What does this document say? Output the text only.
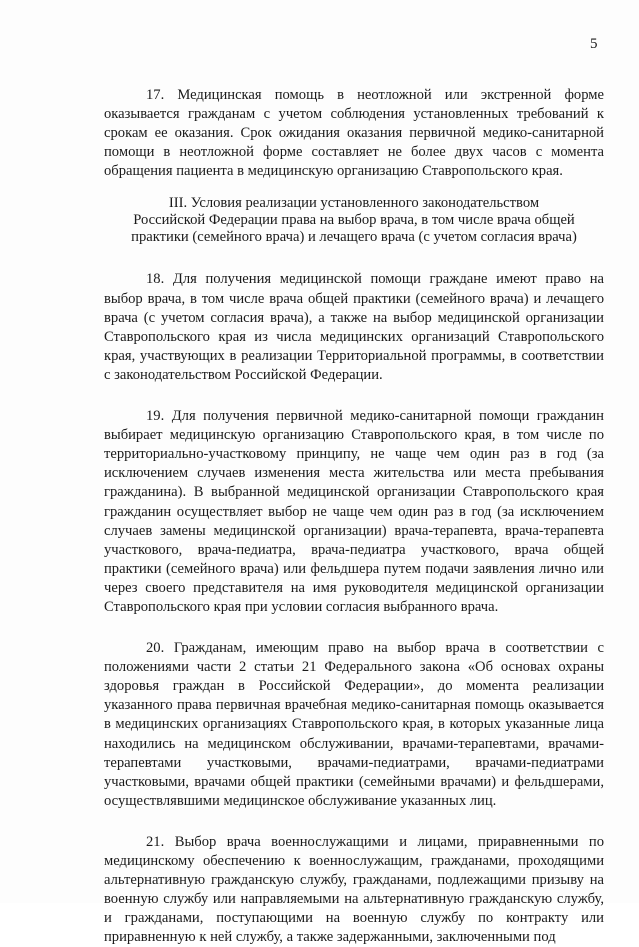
5

17. Медицинская помощь в неотложной или экстренной форме оказывается гражданам с учетом соблюдения установленных требований к срокам ее оказания. Срок ожидания оказания первичной медико-санитарной помощи в неотложной форме составляет не более двух часов с момента обращения пациента в медицинскую организацию Ставропольского края.

III. Условия реализации установленного законодательством
Российской Федерации права на выбор врача, в том числе врача общей
практики (семейного врача) и лечащего врача (с учетом согласия врача)

18. Для получения медицинской помощи граждане имеют право на выбор врача, в том числе врача общей практики (семейного врача) и лечащего врача (с учетом согласия врача), а также на выбор медицинской организации Ставропольского края из числа медицинских организаций Ставропольского края, участвующих в реализации Территориальной программы, в соответствии с законодательством Российской Федерации.

19. Для получения первичной медико-санитарной помощи гражданин выбирает медицинскую организацию Ставропольского края, в том числе по территориально-участковому принципу, не чаще чем один раз в год (за исключением случаев изменения места жительства или места пребывания гражданина). В выбранной медицинской организации Ставропольского края гражданин осуществляет выбор не чаще чем один раз в год (за исключением случаев замены медицинской организации) врача-терапевта, врача-терапевта участкового, врача-педиатра, врача-педиатра участкового, врача общей практики (семейного врача) или фельдшера путем подачи заявления лично или через своего представителя на имя руководителя медицинской организации Ставропольского края при условии согласия выбранного врача.

20. Гражданам, имеющим право на выбор врача в соответствии с положениями части 2 статьи 21 Федерального закона «Об основах охраны здоровья граждан в Российской Федерации», до момента реализации указанного права первичная врачебная медико-санитарная помощь оказывается в медицинских организациях Ставропольского края, в которых указанные лица находились на медицинском обслуживании, врачами-терапевтами, врачами-терапевтами участковыми, врачами-педиатрами, врачами-педиатрами участковыми, врачами общей практики (семейными врачами) и фельдшерами, осуществлявшими медицинское обслуживание указанных лиц.

21. Выбор врача военнослужащими и лицами, приравненными по медицинскому обеспечению к военнослужащим, гражданами, проходящими альтернативную гражданскую службу, гражданами, подлежащими призыву на военную службу или направляемыми на альтернативную гражданскую службу, и гражданами, поступающими на военную службу по контракту или приравненную к ней службу, а также задержанными, заключенными под
